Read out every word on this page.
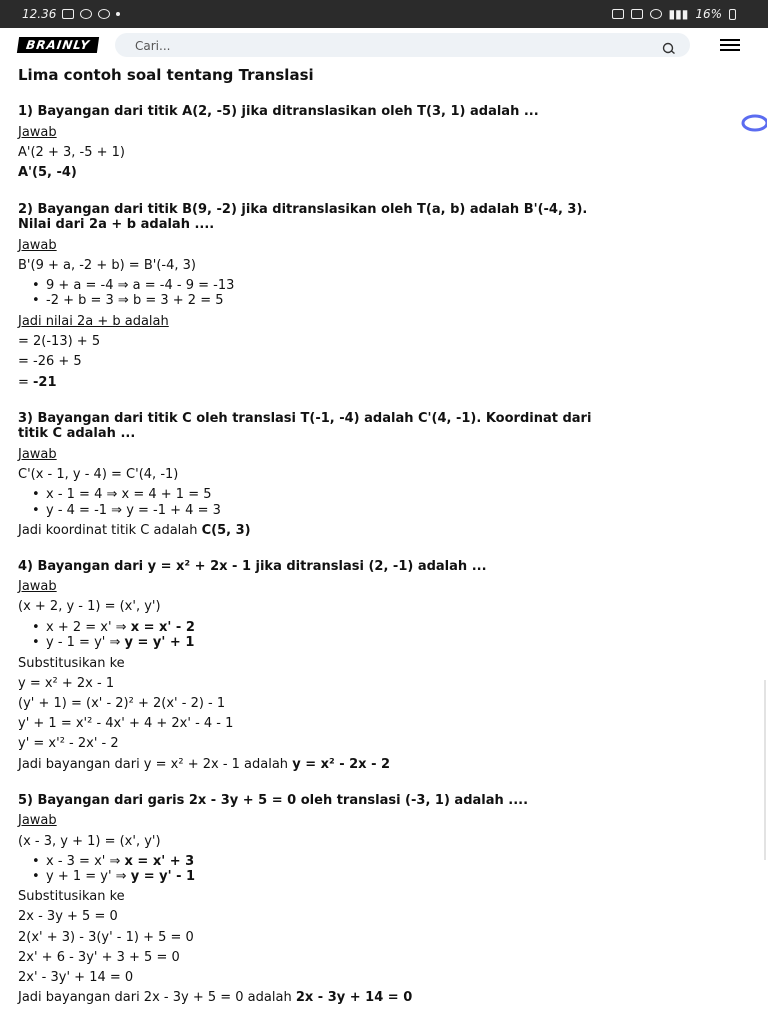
12.36	▮▮▮ 16%
BRAINLY
Cari...
Lima contoh soal tentang Translasi
1) Bayangan dari titik A(2, -5) jika ditranslasikan oleh T(3, 1) adalah ...
Jawab
A'(2 + 3, -5 + 1)
A'(5, -4)
2) Bayangan dari titik B(9, -2) jika ditranslasikan oleh T(a, b) adalah B'(-4, 3).
Nilai dari 2a + b adalah ....
Jawab
B'(9 + a, -2 + b) = B'(-4, 3)
• 9 + a = -4 ⇒ a = -4 - 9 = -13
• -2 + b = 3 ⇒ b = 3 + 2 = 5
Jadi nilai 2a + b adalah
= 2(-13) + 5
= -26 + 5
= -21
3) Bayangan dari titik C oleh translasi T(-1, -4) adalah C'(4, -1). Koordinat dari
titik C adalah ...
Jawab
C'(x - 1, y - 4) = C'(4, -1)
• x - 1 = 4 ⇒ x = 4 + 1 = 5
• y - 4 = -1 ⇒ y = -1 + 4 = 3
Jadi koordinat titik C adalah C(5, 3)
4) Bayangan dari y = x² + 2x - 1 jika ditranslasi (2, -1) adalah ...
Jawab
(x + 2, y - 1) = (x', y')
• x + 2 = x' ⇒ x = x' - 2
• y - 1 = y' ⇒ y = y' + 1
Substitusikan ke
y = x² + 2x - 1
(y' + 1) = (x' - 2)² + 2(x' - 2) - 1
y' + 1 = x'² - 4x' + 4 + 2x' - 4 - 1
y' = x'² - 2x' - 2
Jadi bayangan dari y = x² + 2x - 1 adalah y = x² - 2x - 2
5) Bayangan dari garis 2x - 3y + 5 = 0 oleh translasi (-3, 1) adalah ....
Jawab
(x - 3, y + 1) = (x', y')
• x - 3 = x' ⇒ x = x' + 3
• y + 1 = y' ⇒ y = y' - 1
Substitusikan ke
2x - 3y + 5 = 0
2(x' + 3) - 3(y' - 1) + 5 = 0
2x' + 6 - 3y' + 3 + 5 = 0
2x' - 3y' + 14 = 0
Jadi bayangan dari 2x - 3y + 5 = 0 adalah 2x - 3y + 14 = 0
